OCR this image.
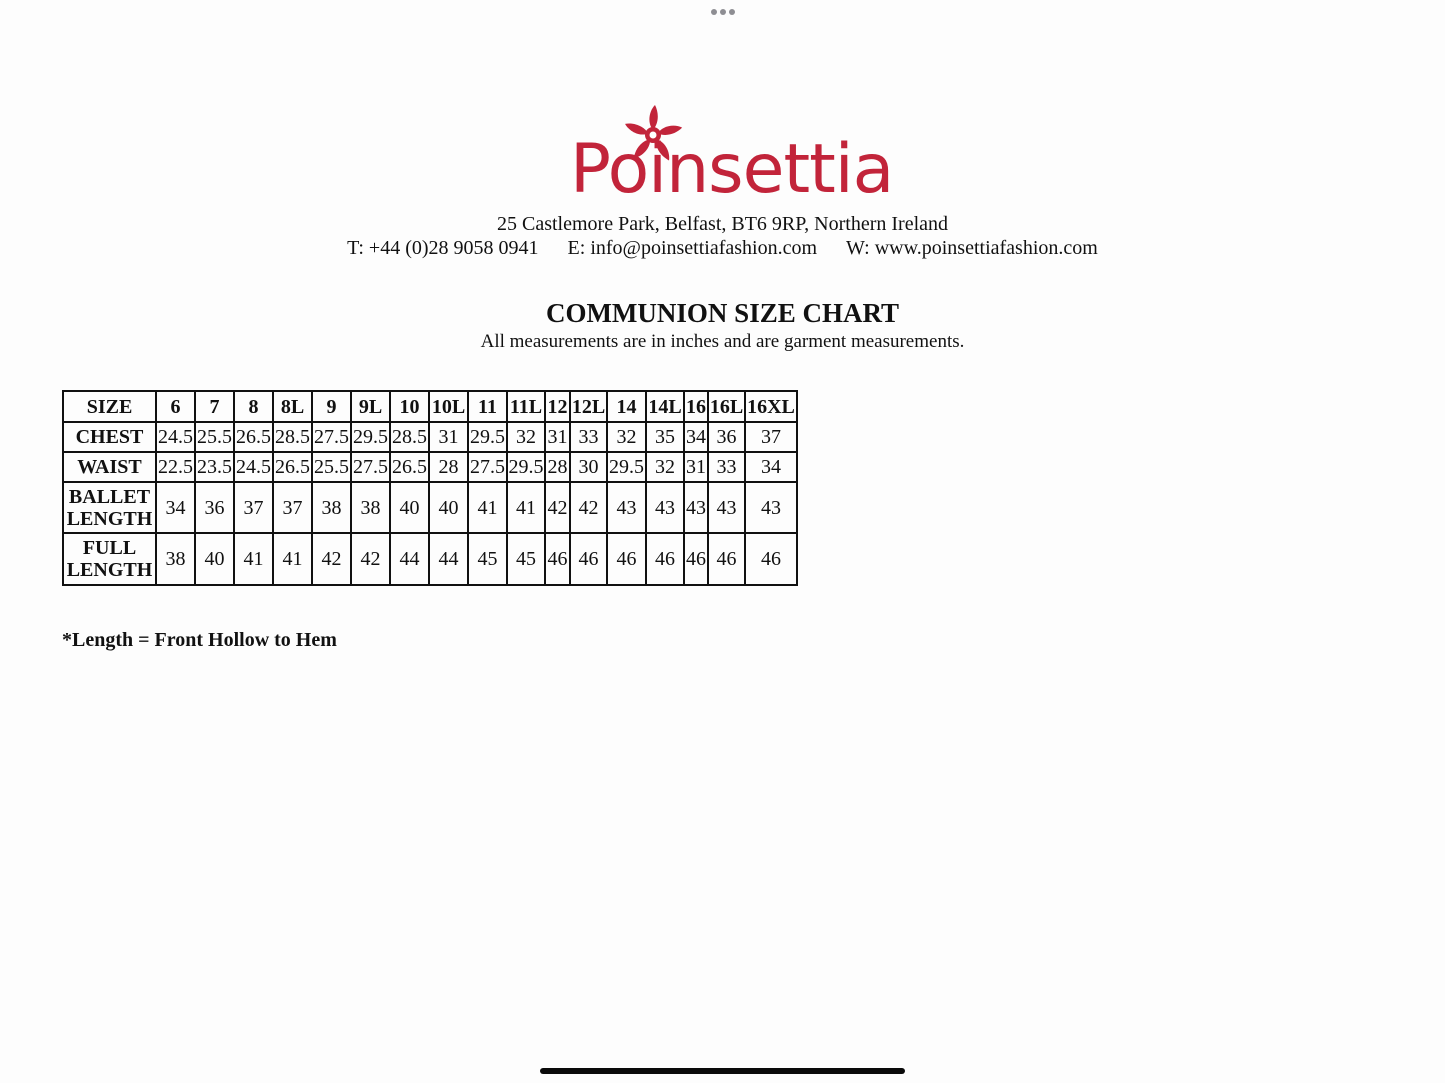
Poinsettia
25 Castlemore Park, Belfast, BT6 9RP, Northern Ireland
T: +44 (0)28 9058 0941 E: info@poinsettiafashion.com W: www.poinsettiafashion.com
COMMUNION SIZE CHART
All measurements are in inches and are garment measurements.
SIZE	6	7	8	8L	9	9L	10	10L	11	11L	12	12L	14	14L	16	16L	16XL

CHEST	24.5	25.5	26.5	28.5	27.5	29.5	28.5	31	29.5	32	31	33	32	35	34	36	37

WAIST	22.5	23.5	24.5	26.5	25.5	27.5	26.5	28	27.5	29.5	28	30	29.5	32	31	33	34

BALLET
LENGTH	34	36	37	37	38	38	40	40	41	41	42	42	43	43	43	43	43

FULL
LENGTH	38	40	41	41	42	42	44	44	45	45	46	46	46	46	46	46	46
*Length = Front Hollow to Hem
